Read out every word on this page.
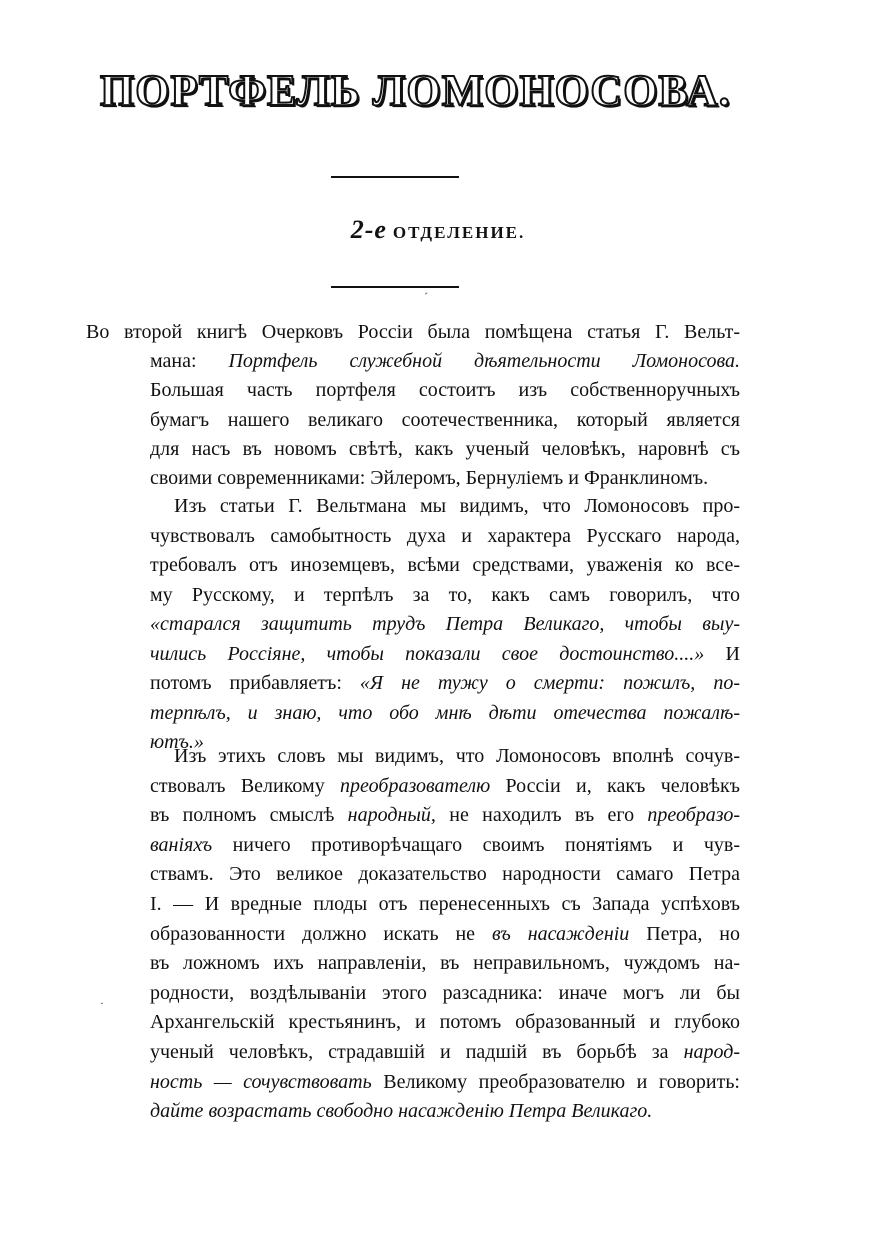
ПОРТФЕЛЬ ЛОМОНОСОВА.
2-е ОТДЕЛЕНИЕ.
Во второй книгѣ Очерковъ Россіи была помѣщена статья Г. Вельт-
мана: Портфель служебной дѣятельности Ломоносова.
Большая часть портфеля состоитъ изъ собственноручныхъ
бумагъ нашего великаго соотечественника, который является
для насъ въ новомъ свѣтѣ, какъ ученый человѣкъ, наровнѣ съ
своими современниками: Эйлеромъ, Бернуліемъ и Франклиномъ.
Изъ статьи Г. Вельтмана мы видимъ, что Ломоносовъ про-
чувствовалъ самобытность духа и характера Русскаго народа,
требовалъ отъ иноземцевъ, всѣми средствами, уваженія ко все-
му Русскому, и терпѣлъ за то, какъ самъ говорилъ, что
«старался защитить трудъ Петра Великаго, чтобы выу-
чились Россіяне, чтобы показали свое достоинство....» И
потомъ прибавляетъ: «Я не тужу о смерти: пожилъ, по-
терпѣлъ, и знаю, что обо мнѣ дѣти отечества пожалѣ-
ютъ.»
Изъ этихъ словъ мы видимъ, что Ломоносовъ вполнѣ сочув-
ствовалъ Великому преобразователю Россіи и, какъ человѣкъ
въ полномъ смыслѣ народный, не находилъ въ его преобразо-
ваніяхъ ничего противорѣчащаго своимъ понятіямъ и чув-
ствамъ. Это великое доказательство народности самаго Петра
I. — И вредные плоды отъ перенесенныхъ съ Запада успѣховъ
образованности должно искать не въ насажденіи Петра, но
въ ложномъ ихъ направленіи, въ неправильномъ, чуждомъ на-
родности, воздѣлываніи этого разсадника: иначе могъ ли бы
Архангельскій крестьянинъ, и потомъ образованный и глубоко
ученый человѣкъ, страдавшій и падшій въ борьбѣ за народ-
ность — сочувствовать Великому преобразователю и говорить:
дайте возрастать свободно насажденію Петра Великаго.
ˊ
·
